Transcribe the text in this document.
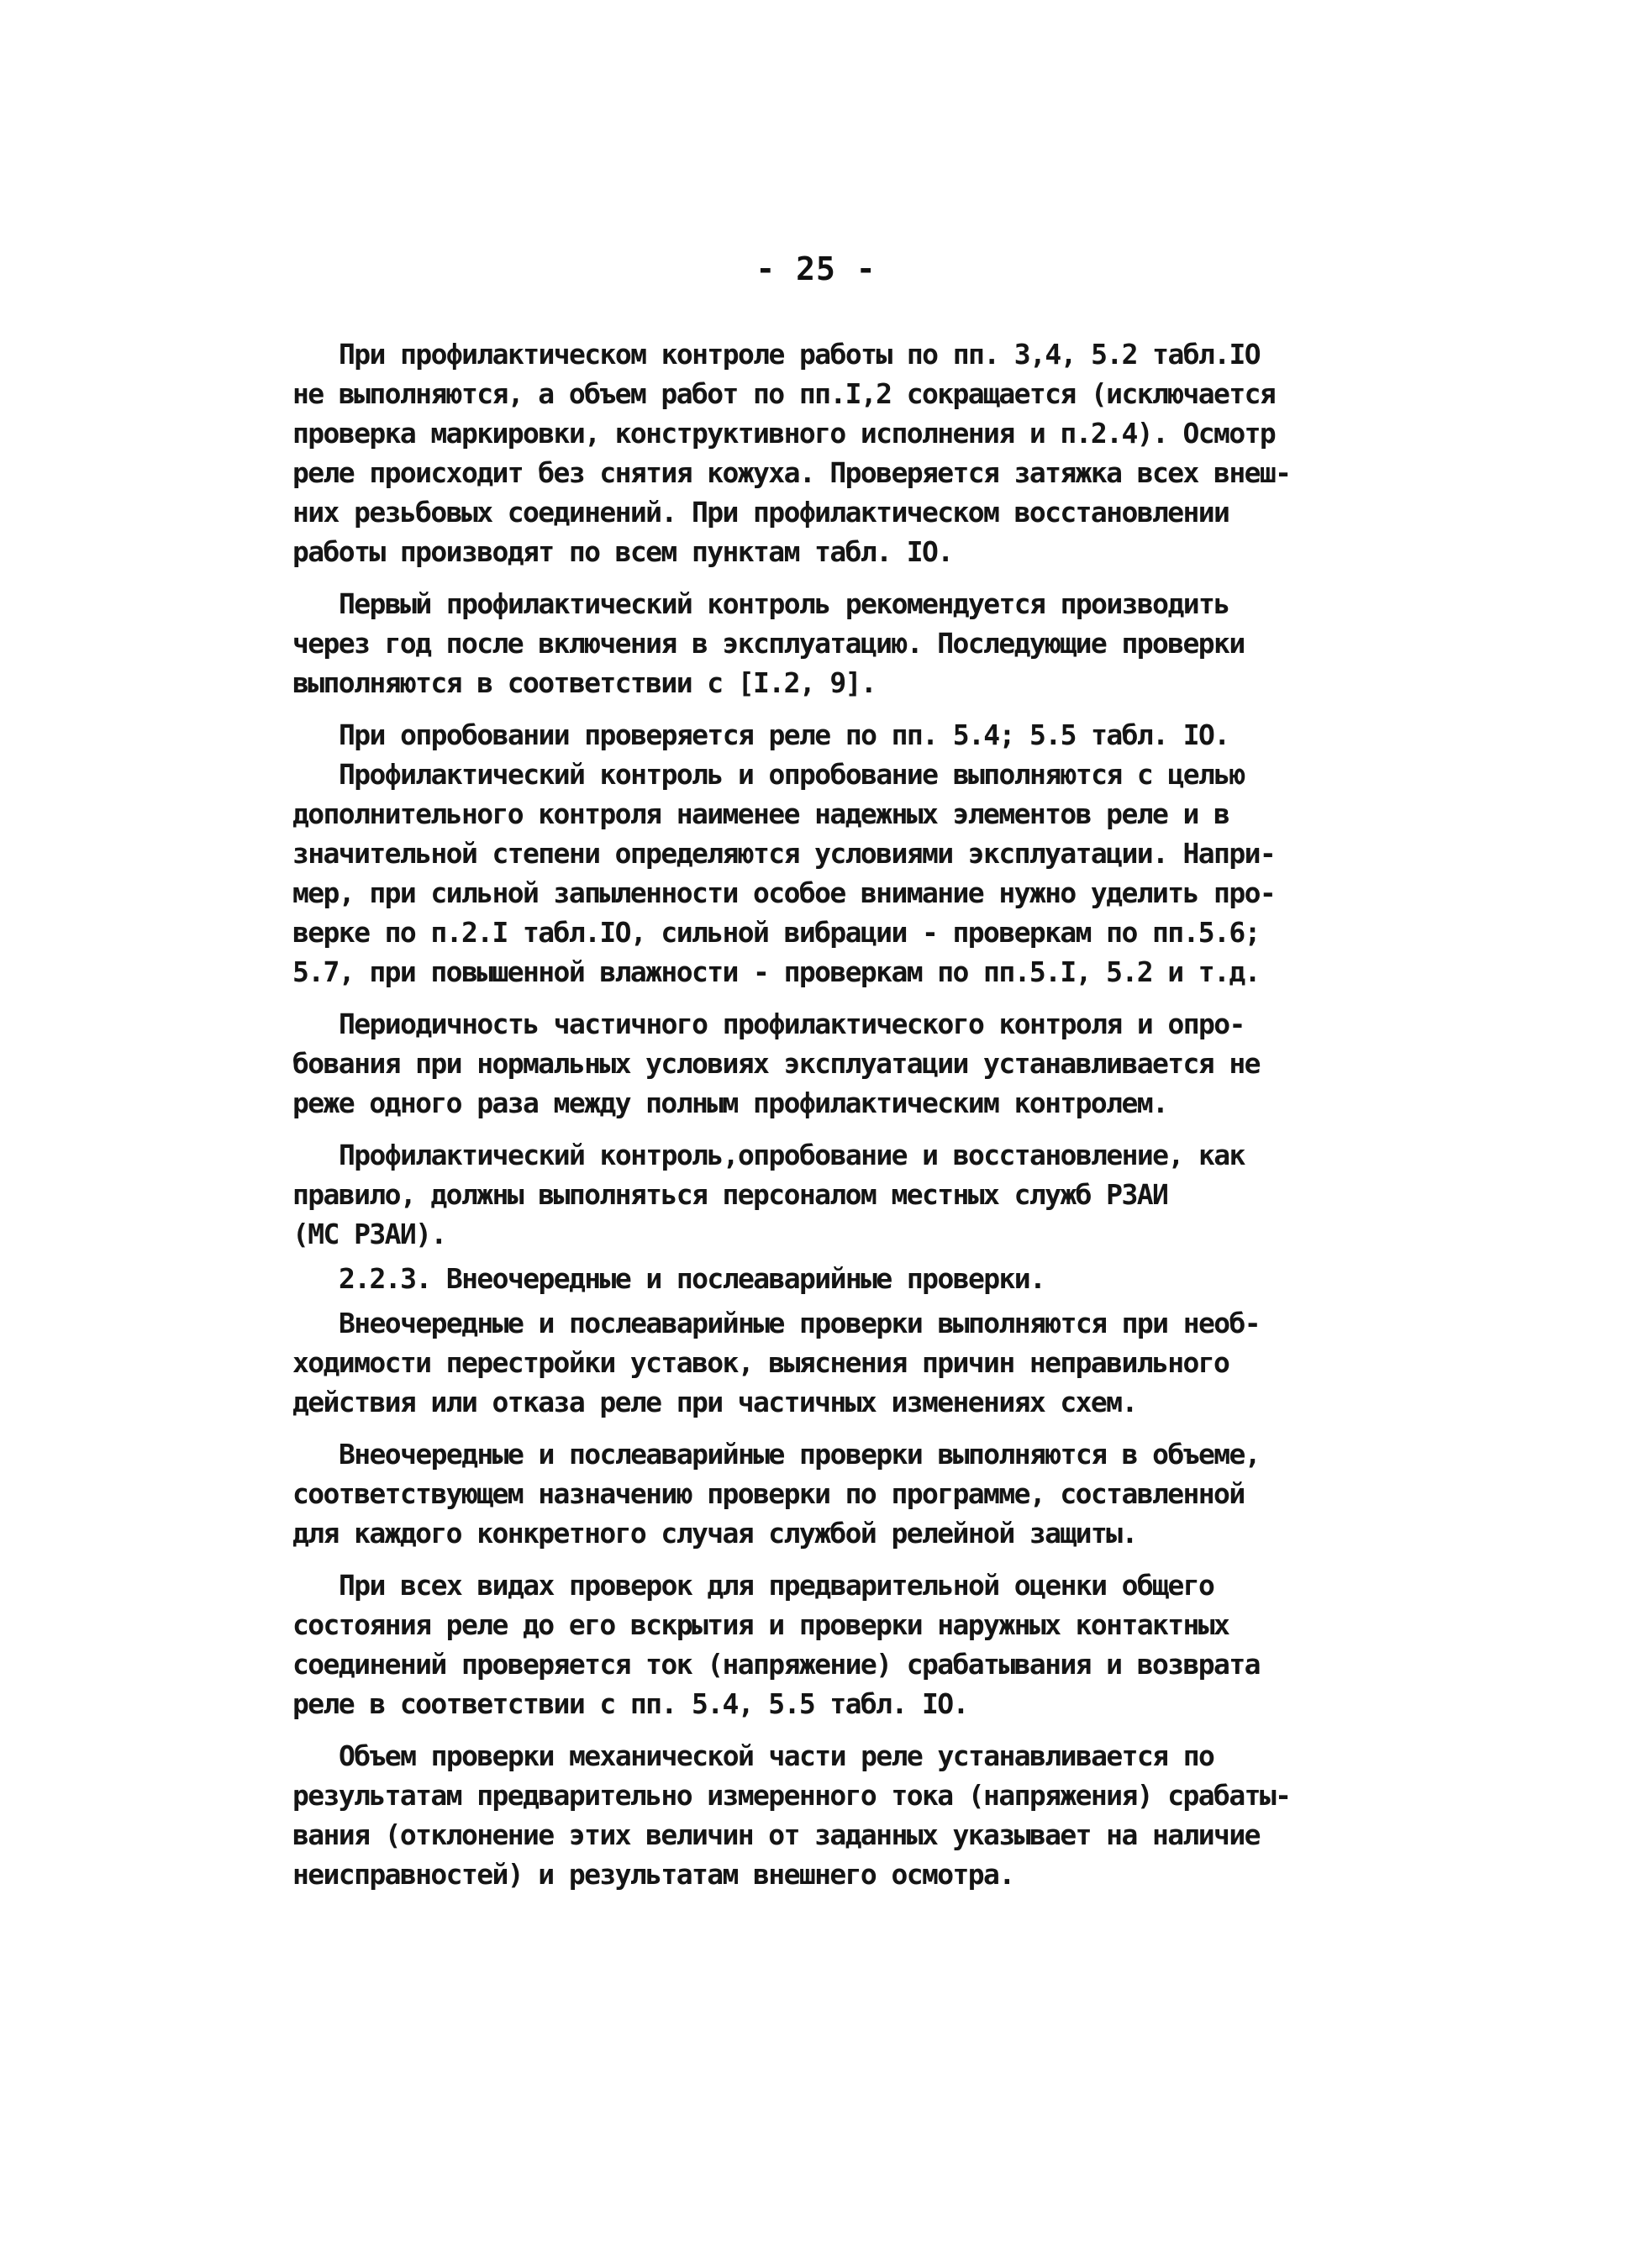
- 25 -
При профилактическом контроле работы по пп. 3,4, 5.2 табл.IO
не выполняются, а объем работ по пп.I,2 сокращается (исключается
проверка маркировки, конструктивного исполнения и п.2.4). Осмотр
реле происходит без снятия кожуха. Проверяется затяжка всех внеш-
них резьбовых соединений. При профилактическом восстановлении
работы производят по всем пунктам табл. IO.
Первый профилактический контроль рекомендуется производить
через год после включения в эксплуатацию. Последующие проверки
выполняются в соответствии с [I.2, 9].
При опробовании проверяется реле по пп. 5.4; 5.5 табл. IO.
Профилактический контроль и опробование выполняются с целью
дополнительного контроля наименее надежных элементов реле и в
значительной степени определяются условиями эксплуатации. Напри-
мер, при сильной запыленности особое внимание нужно уделить про-
верке по п.2.I табл.IO, сильной вибрации - проверкам по пп.5.6;
5.7, при повышенной влажности - проверкам по пп.5.I, 5.2 и т.д.
Периодичность частичного профилактического контроля и опро-
бования при нормальных условиях эксплуатации устанавливается не
реже одного раза между полным профилактическим контролем.
Профилактический контроль,опробование и восстановление, как
правило, должны выполняться персоналом местных служб РЗАИ
(МС РЗАИ).
2.2.3. Внеочередные и послеаварийные проверки.
Внеочередные и послеаварийные проверки выполняются при необ-
ходимости перестройки уставок, выяснения причин неправильного
действия или отказа реле при частичных изменениях схем.
Внеочередные и послеаварийные проверки выполняются в объеме,
соответствующем назначению проверки по программе, составленной
для каждого конкретного случая службой релейной защиты.
При всех видах проверок для предварительной оценки общего
состояния реле до его вскрытия и проверки наружных контактных
соединений проверяется ток (напряжение) срабатывания и возврата
реле в соответствии с пп. 5.4, 5.5 табл. IO.
Объем проверки механической части реле устанавливается по
результатам предварительно измеренного тока (напряжения) срабаты-
вания (отклонение этих величин от заданных указывает на наличие
неисправностей) и результатам внешнего осмотра.
